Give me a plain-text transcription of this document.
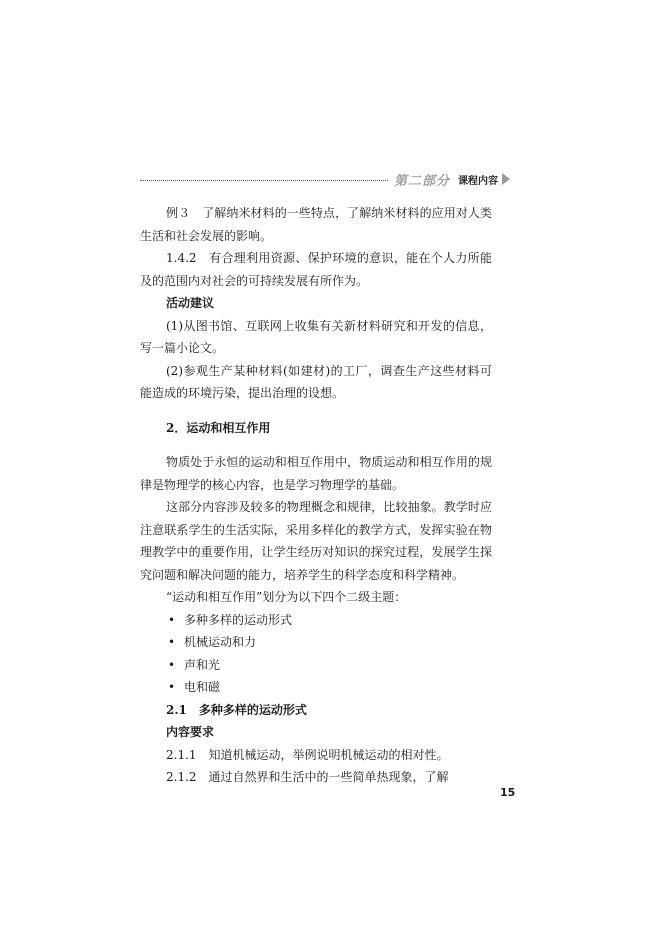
第二部分 课程内容

例３　了解纳米材料的一些特点，了解纳米材料的应用对人类生活和社会发展的影响。

1.4.2　有合理利用资源、保护环境的意识，能在个人力所能及的范围内对社会的可持续发展有所作为。

活动建议

(1)从图书馆、互联网上收集有关新材料研究和开发的信息，写一篇小论文。

(2)参观生产某种材料(如建材)的工厂，调查生产这些材料可能造成的环境污染，提出治理的设想。

2．运动和相互作用

物质处于永恒的运动和相互作用中，物质运动和相互作用的规律是物理学的核心内容，也是学习物理学的基础。

这部分内容涉及较多的物理概念和规律，比较抽象。教学时应注意联系学生的生活实际，采用多样化的教学方式，发挥实验在物理教学中的重要作用，让学生经历对知识的探究过程，发展学生探究问题和解决问题的能力，培养学生的科学态度和科学精神。

“运动和相互作用”划分为以下四个二级主题：

• 多种多样的运动形式

• 机械运动和力

• 声和光

• 电和磁

2.1　多种多样的运动形式

内容要求

2.1.1　知道机械运动，举例说明机械运动的相对性。

2.1.2　通过自然界和生活中的一些简单热现象，了解

15
